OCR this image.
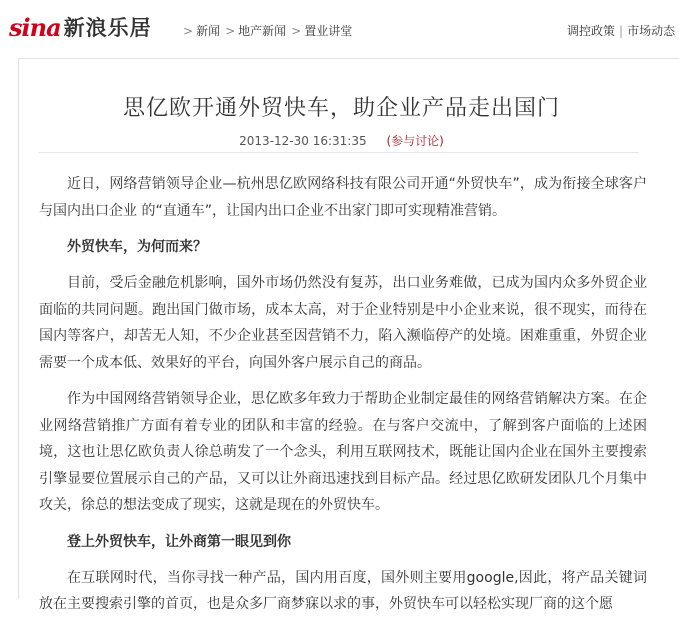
sina 新浪乐居	> 新闻 > 地产新闻 > 置业讲堂	调控政策 | 市场动态
思亿欧开通外贸快车，助企业产品走出国门
2013-12-30 16:31:35 (参与讨论)

近日，网络营销领导企业—杭州思亿欧网络科技有限公司开通“外贸快车”，成为衔接全球客户与国内出口企业 的“直通车”，让国内出口企业不出家门即可实现精准营销。

外贸快车，为何而来？

目前，受后金融危机影响，国外市场仍然没有复苏，出口业务难做，已成为国内众多外贸企业面临的共同问题。跑出国门做市场，成本太高，对于企业特别是中小企业来说，很不现实，而待在国内等客户，却苦无人知，不少企业甚至因营销不力，陷入濒临停产的处境。困难重重，外贸企业需要一个成本低、效果好的平台，向国外客户展示自己的商品。

作为中国网络营销领导企业，思亿欧多年致力于帮助企业制定最佳的网络营销解决方案。在企业网络营销推广方面有着专业的团队和丰富的经验。在与客户交流中，了解到客户面临的上述困境，这也让思亿欧负责人徐总萌发了一个念头，利用互联网技术，既能让国内企业在国外主要搜索引擎显要位置展示自己的产品，又可以让外商迅速找到目标产品。经过思亿欧研发团队几个月集中攻关，徐总的想法变成了现实，这就是现在的外贸快车。

登上外贸快车，让外商第一眼见到你

在互联网时代，当你寻找一种产品，国内用百度，国外则主要用google,因此，将产品关键词放在主要搜索引擎的首页，也是众多厂商梦寐以求的事，外贸快车可以轻松实现厂商的这个愿
